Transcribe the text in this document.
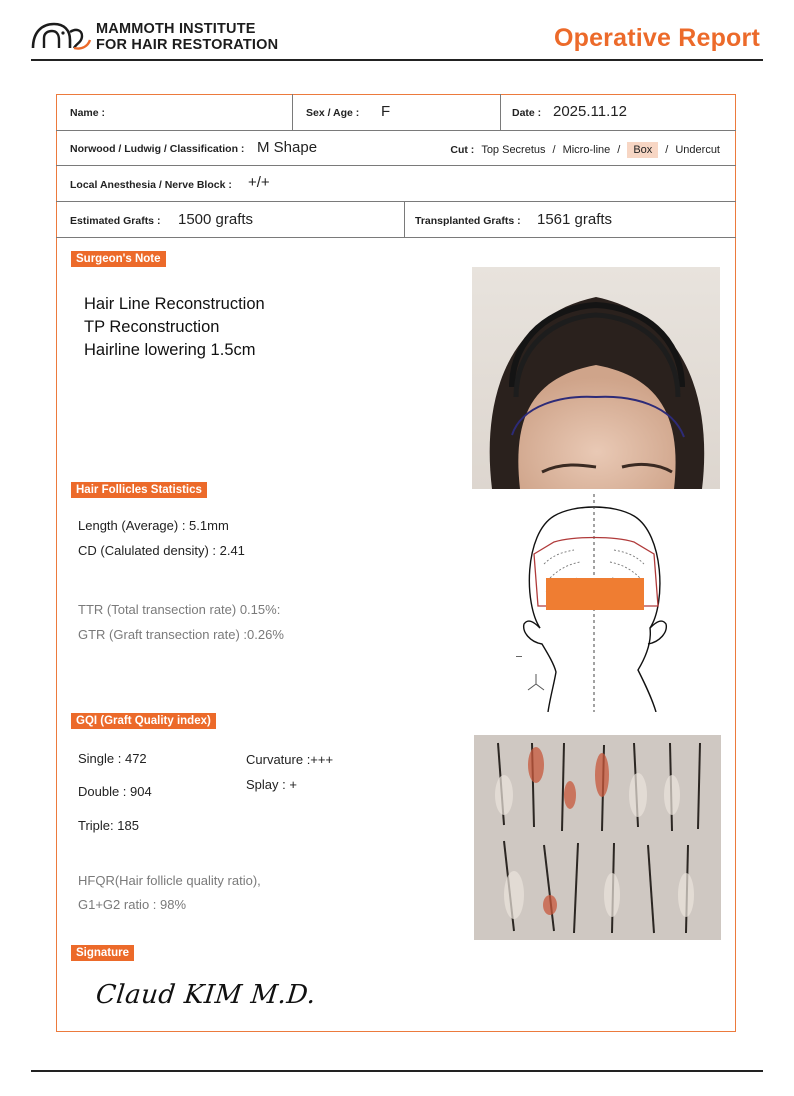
MAMMOTH INSTITUTE
FOR HAIR RESTORATION	Operative Report
Name :	Sex / Age : F	Date : 2025.11.12
Norwood / Ludwig / Classification : M Shape	Cut : Top Secretus / Micro-line /	Box	/ Undercut
Local Anesthesia / Nerve Block : +/+
Estimated Grafts : 1500 grafts	Transplanted Grafts : 1561 grafts
Surgeon's Note
Hair Line Reconstruction
TP Reconstruction
Hairline lowering 1.5cm
Hair Follicles Statistics
Length (Average) : 5.1mm
CD (Calulated density) : 2.41
TTR (Total transection rate) 0.15%:
GTR (Graft transection rate) :0.26%
GQI (Graft Quality index)
Single : 472
Double : 904
Triple: 185
Curvature :+++
Splay : +
HFQR(Hair follicle quality ratio),
G1+G2 ratio : 98%
Signature
Claud KIM M.D.
